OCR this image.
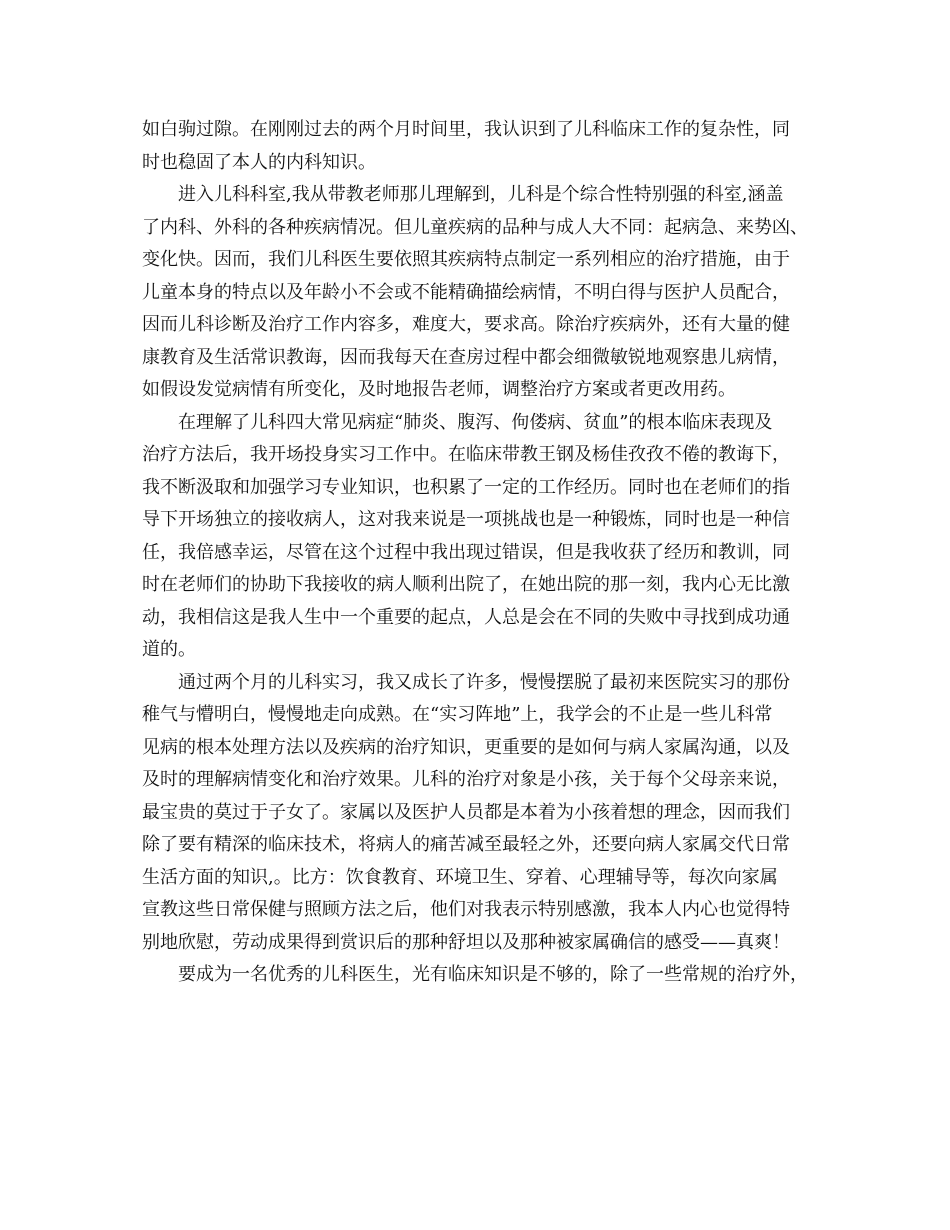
如白驹过隙。在刚刚过去的两个月时间里，我认识到了儿科临床工作的复杂性，同
时也稳固了本人的内科知识。
进入儿科科室,我从带教老师那儿理解到，儿科是个综合性特别强的科室,涵盖
了内科、外科的各种疾病情况。但儿童疾病的品种与成人大不同：起病急、来势凶、
变化快。因而，我们儿科医生要依照其疾病特点制定一系列相应的治疗措施，由于
儿童本身的特点以及年龄小不会或不能精确描绘病情，不明白得与医护人员配合，
因而儿科诊断及治疗工作内容多，难度大，要求高。除治疗疾病外，还有大量的健
康教育及生活常识教诲，因而我每天在查房过程中都会细微敏锐地观察患儿病情，
如假设发觉病情有所变化，及时地报告老师，调整治疗方案或者更改用药。
在理解了儿科四大常见病症“肺炎、腹泻、佝偻病、贫血”的根本临床表现及
治疗方法后，我开场投身实习工作中。在临床带教王钢及杨佳孜孜不倦的教诲下，
我不断汲取和加强学习专业知识，也积累了一定的工作经历。同时也在老师们的指
导下开场独立的接收病人，这对我来说是一项挑战也是一种锻炼，同时也是一种信
任，我倍感幸运，尽管在这个过程中我出现过错误，但是我收获了经历和教训，同
时在老师们的协助下我接收的病人顺利出院了，在她出院的那一刻，我内心无比激
动，我相信这是我人生中一个重要的起点，人总是会在不同的失败中寻找到成功通
道的。
通过两个月的儿科实习，我又成长了许多，慢慢摆脱了最初来医院实习的那份
稚气与懵明白，慢慢地走向成熟。在“实习阵地”上，我学会的不止是一些儿科常
见病的根本处理方法以及疾病的治疗知识，更重要的是如何与病人家属沟通，以及
及时的理解病情变化和治疗效果。儿科的治疗对象是小孩，关于每个父母亲来说，
最宝贵的莫过于子女了。家属以及医护人员都是本着为小孩着想的理念，因而我们
除了要有精深的临床技术，将病人的痛苦减至最轻之外，还要向病人家属交代日常
生活方面的知识,。比方：饮食教育、环境卫生、穿着、心理辅导等，每次向家属
宣教这些日常保健与照顾方法之后，他们对我表示特别感激，我本人内心也觉得特
别地欣慰，劳动成果得到赏识后的那种舒坦以及那种被家属确信的感受——真爽！
要成为一名优秀的儿科医生，光有临床知识是不够的，除了一些常规的治疗外，
